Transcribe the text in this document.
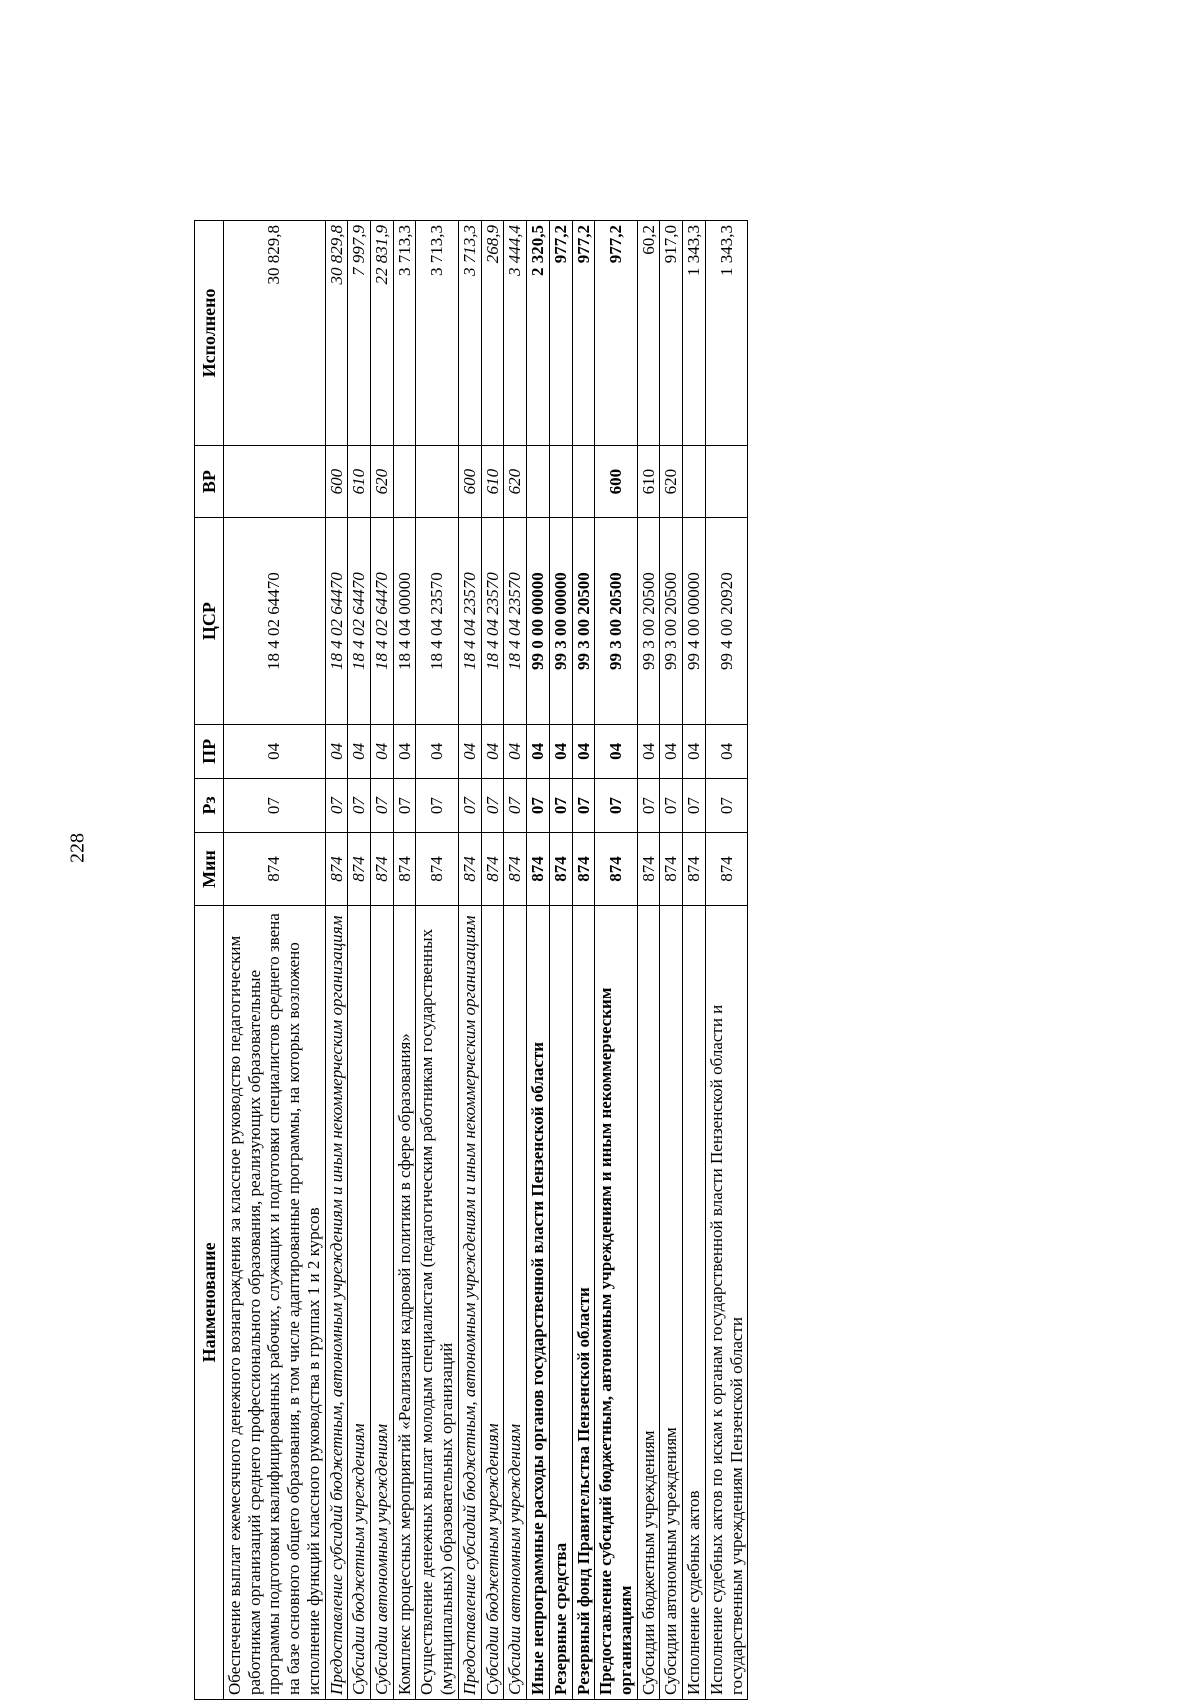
228
Наименование	Мин	Рз	ПР	ЦСР	ВР	Исполнено
Обеспечение выплат ежемесячного денежного вознаграждения за классное руководство педагогическим работникам организаций среднего профессионального образования, реализующих образовательные программы подготовки квалифицированных рабочих, служащих и подготовки специалистов среднего звена на базе основного общего образования, в том числе адаптированные программы, на которых возложено исполнение функций классного руководства в группах 1 и 2 курсов	874	07	04	18 4 02 64470		30 829,8
Предоставление субсидий бюджетным, автономным учреждениям и иным некоммерческим организациям	874	07	04	18 4 02 64470	600	30 829,8
Субсидии бюджетным учреждениям	874	07	04	18 4 02 64470	610	7 997,9
Субсидии автономным учреждениям	874	07	04	18 4 02 64470	620	22 831,9
Комплекс процессных мероприятий «Реализация кадровой политики в сфере образования»	874	07	04	18 4 04 00000		3 713,3
Осуществление денежных выплат молодым специалистам (педагогическим работникам государственных (муниципальных) образовательных организаций	874	07	04	18 4 04 23570		3 713,3
Предоставление субсидий бюджетным, автономным учреждениям и иным некоммерческим организациям	874	07	04	18 4 04 23570	600	3 713,3
Субсидии бюджетным учреждениям	874	07	04	18 4 04 23570	610	268,9
Субсидии автономным учреждениям	874	07	04	18 4 04 23570	620	3 444,4
Иные непрограммные расходы органов государственной власти Пензенской области	874	07	04	99 0 00 00000		2 320,5
Резервные средства	874	07	04	99 3 00 00000		977,2
Резервный фонд Правительства Пензенской области	874	07	04	99 3 00 20500		977,2
Предоставление субсидий бюджетным, автономным учреждениям и иным некоммерческим организациям	874	07	04	99 3 00 20500	600	977,2
Субсидии бюджетным учреждениям	874	07	04	99 3 00 20500	610	60,2
Субсидии автономным учреждениям	874	07	04	99 3 00 20500	620	917,0
Исполнение судебных актов	874	07	04	99 4 00 00000		1 343,3
Исполнение судебных актов по искам к органам государственной власти Пензенской области и государственным учреждениям Пензенской области	874	07	04	99 4 00 20920		1 343,3
